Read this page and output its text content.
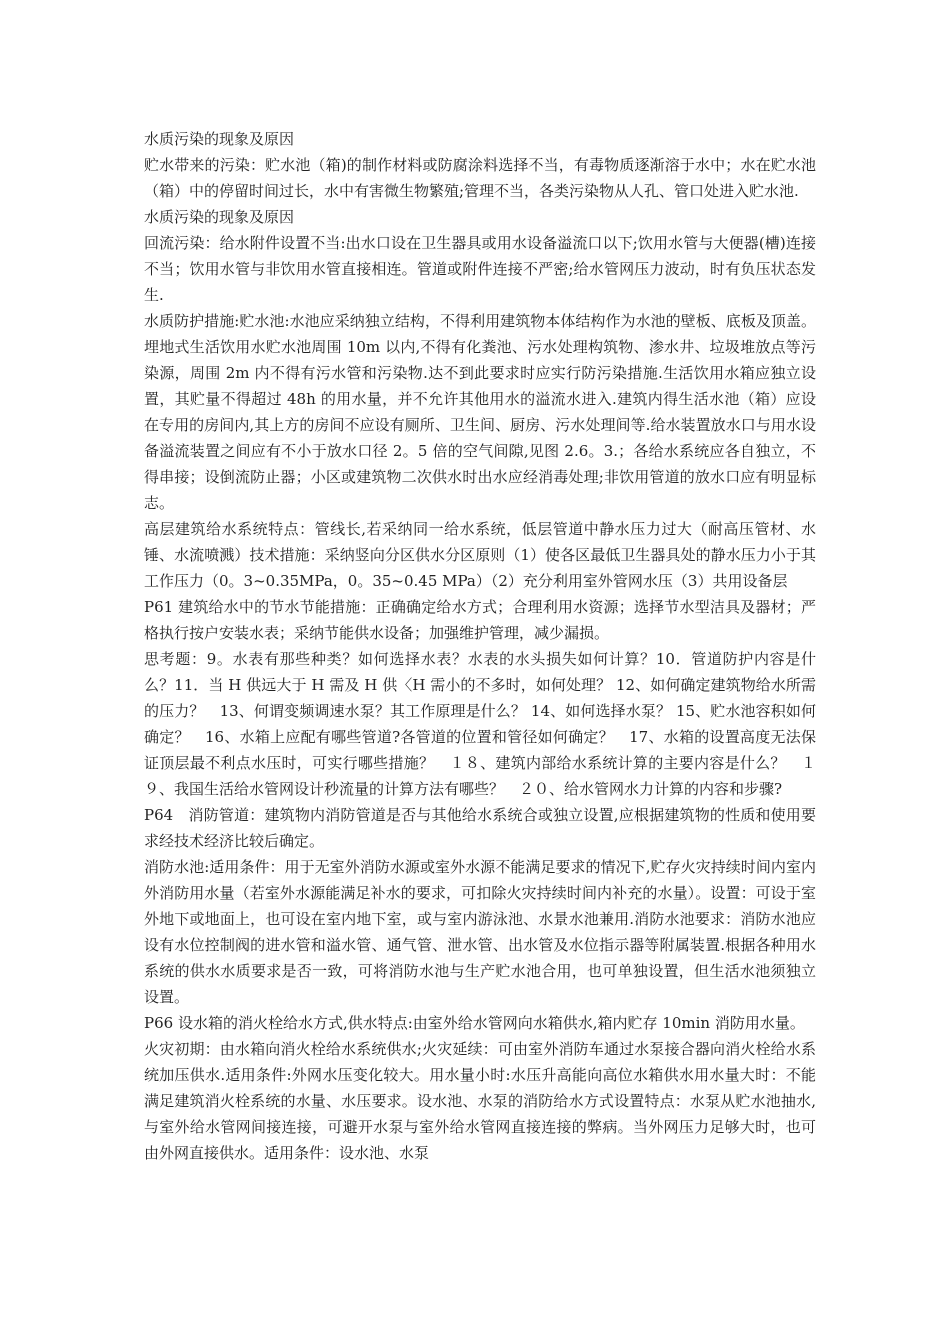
水质污染的现象及原因

贮水带来的污染：贮水池（箱)的制作材料或防腐涂料选择不当，有毒物质逐渐溶于水中；水在贮水池（箱）中的停留时间过长，水中有害微生物繁殖;管理不当，各类污染物从人孔、管口处进入贮水池.

水质污染的现象及原因

回流污染：给水附件设置不当:出水口设在卫生器具或用水设备溢流口以下;饮用水管与大便器(槽)连接不当；饮用水管与非饮用水管直接相连。管道或附件连接不严密;给水管网压力波动，时有负压状态发生.

水质防护措施:贮水池:水池应采纳独立结构，不得利用建筑物本体结构作为水池的壁板、底板及顶盖。埋地式生活饮用水贮水池周围 10m 以内,不得有化粪池、污水处理构筑物、渗水井、垃圾堆放点等污染源，周围 2m 内不得有污水管和污染物.达不到此要求时应实行防污染措施.生活饮用水箱应独立设置，其贮量不得超过 48h 的用水量，并不允许其他用水的溢流水进入.建筑内得生活水池（箱）应设在专用的房间内,其上方的房间不应设有厕所、卫生间、厨房、污水处理间等.给水装置放水口与用水设备溢流装置之间应有不小于放水口径 2。5 倍的空气间隙,见图 2.6。3.；各给水系统应各自独立，不得串接；设倒流防止器；小区或建筑物二次供水时出水应经消毒处理;非饮用管道的放水口应有明显标志。

高层建筑给水系统特点：管线长,若采纳同一给水系统，低层管道中静水压力过大（耐高压管材、水锤、水流喷溅）技术措施：采纳竖向分区供水分区原则（1）使各区最低卫生器具处的静水压力小于其工作压力（0。3~0.35MPa，0。35~0.45 MPa）（2）充分利用室外管网水压（3）共用设备层

P61 建筑给水中的节水节能措施：正确确定给水方式；合理利用水资源；选择节水型洁具及器材；严格执行按户安装水表；采纳节能供水设备；加强维护管理，减少漏损。

思考题：9。水表有那些种类？如何选择水表？水表的水头损失如何计算？10．管道防护内容是什么？11．当 H 供远大于 H 需及 H 供〈H 需小的不多时，如何处理？ 12、如何确定建筑物给水所需的压力？　13、何谓变频调速水泵？其工作原理是什么？ 14、如何选择水泵？ 15、贮水池容积如何确定？　16、水箱上应配有哪些管道?各管道的位置和管径如何确定？　17、水箱的设置高度无法保证顶层最不利点水压时，可实行哪些措施？　１８、建筑内部给水系统计算的主要内容是什么？　１９、我国生活给水管网设计秒流量的计算方法有哪些？　２０、给水管网水力计算的内容和步骤?

P64　消防管道：建筑物内消防管道是否与其他给水系统合或独立设置,应根据建筑物的性质和使用要求经技术经济比较后确定。

消防水池:适用条件：用于无室外消防水源或室外水源不能满足要求的情况下,贮存火灾持续时间内室内外消防用水量（若室外水源能满足补水的要求，可扣除火灾持续时间内补充的水量）。设置：可设于室外地下或地面上，也可设在室内地下室，或与室内游泳池、水景水池兼用.消防水池要求：消防水池应设有水位控制阀的进水管和溢水管、通气管、泄水管、出水管及水位指示器等附属装置.根据各种用水系统的供水水质要求是否一致，可将消防水池与生产贮水池合用，也可单独设置，但生活水池须独立设置。

P66 设水箱的消火栓给水方式,供水特点:由室外给水管网向水箱供水,箱内贮存 10min 消防用水量。

火灾初期：由水箱向消火栓给水系统供水;火灾延续：可由室外消防车通过水泵接合器向消火栓给水系统加压供水.适用条件:外网水压变化较大。用水量小时:水压升高能向高位水箱供水用水量大时：不能满足建筑消火栓系统的水量、水压要求。设水池、水泵的消防给水方式设置特点：水泵从贮水池抽水,与室外给水管网间接连接，可避开水泵与室外给水管网直接连接的弊病。当外网压力足够大时，也可由外网直接供水。适用条件：设水池、水泵
